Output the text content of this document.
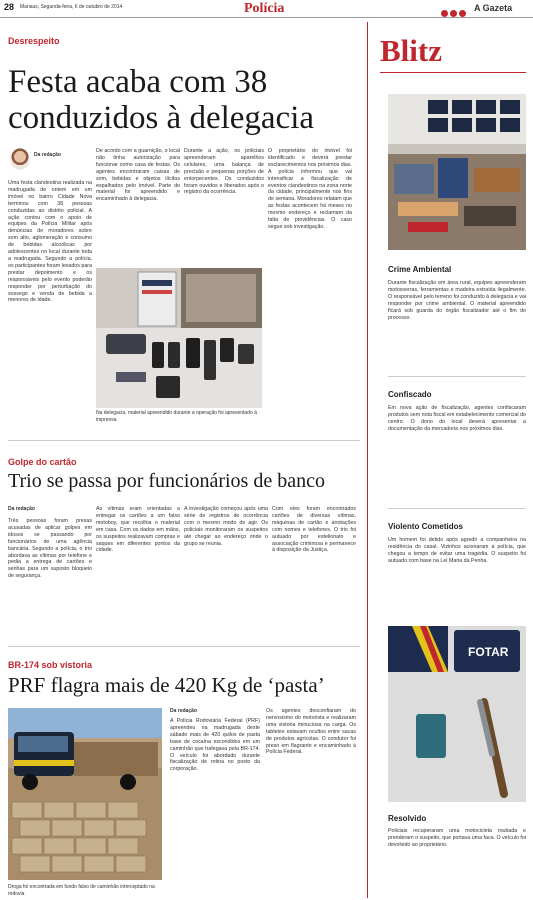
28 Manaus, Segunda-feira, 6 de outubro de 2014	Polícia	A Gazeta
Desrespeito
Festa acaba com 38 conduzidos à delegacia
Da redação
Uma festa clandestina realizada na madrugada de ontem em um imóvel no bairro Cidade Nova terminou com 38 pessoas conduzidas ao distrito policial. A ação contou com o apoio de equipes da Polícia Militar após denúncias de moradores sobre som alto, aglomeração e consumo de bebidas alcoólicas por adolescentes no local durante toda a madrugada. Segundo a polícia, os participantes foram levados para prestar depoimento e os responsáveis pelo evento poderão responder por perturbação do sossego e venda de bebida a menores de idade.
De acordo com a guarnição, o local não tinha autorização para funcionar como casa de festas. Os agentes encontraram caixas de som, bebidas e objetos ilícitos espalhados pelo imóvel. Parte do material foi apreendido e encaminhado à delegacia.
Durante a ação, os policiais apreenderam aparelhos celulares, uma balança de precisão e pequenas porções de entorpecentes. Os conduzidos foram ouvidos e liberados após o registro da ocorrência.
O proprietário do imóvel foi identificado e deverá prestar esclarecimentos nos próximos dias. A polícia informou que vai intensificar a fiscalização de eventos clandestinos na zona norte da cidade, principalmente nos fins de semana. Moradores relatam que as festas acontecem há meses no mesmo endereço e reclamam da falta de providências. O caso segue sob investigação.
Na delegacia, material apreendido durante a operação foi apresentado à imprensa
Golpe do cartão
Trio se passa por funcionários de banco
Da redação
Três pessoas foram presas acusadas de aplicar golpes em idosos se passando por funcionários de uma agência bancária. Segundo a polícia, o trio abordava as vítimas por telefone e pedia a entrega de cartões e senhas para um suposto bloqueio de segurança.
As vítimas eram orientadas a entregar os cartões a um falso motoboy, que recolhia o material em casa. Com os dados em mãos, os suspeitos realizavam compras e saques em diferentes pontos da cidade.
A investigação começou após uma série de registros de ocorrência com o mesmo modo de agir. Os policiais monitoraram os suspeitos até chegar ao endereço onde o grupo se reunia.
Com eles foram encontrados cartões de diversas vítimas, máquinas de cartão e anotações com nomes e telefones. O trio foi autuado por estelionato e associação criminosa e permanece à disposição da Justiça.
BR-174 sob vistoria
PRF flagra mais de 420 Kg de ‘pasta’
Droga foi encontrada em fundo falso de caminhão interceptado na rodovia
Da redação
A Polícia Rodoviária Federal (PRF) apreendeu na madrugada deste sábado mais de 420 quilos de pasta base de cocaína escondidos em um caminhão que trafegava pela BR-174. O veículo foi abordado durante fiscalização de rotina no posto da corporação.
Os agentes desconfiaram do nervosismo do motorista e realizaram uma vistoria minuciosa na carga. Os tabletes estavam ocultos entre sacas de produtos agrícolas. O condutor foi preso em flagrante e encaminhado à Polícia Federal.
Blitz
Crime Ambiental
Durante fiscalização em área rural, equipes apreenderam motosserras, ferramentas e madeira extraída ilegalmente. O responsável pelo terreno foi conduzido à delegacia e vai responder por crime ambiental. O material apreendido ficará sob guarda do órgão fiscalizador até o fim do processo.
Confiscado
Em nova ação de fiscalização, agentes confiscaram produtos sem nota fiscal em estabelecimento comercial do centro. O dono do local deverá apresentar a documentação da mercadoria nos próximos dias.
Violento Cometidos
Um homem foi detido após agredir a companheira na residência do casal. Vizinhos acionaram a polícia, que chegou a tempo de evitar uma tragédia. O suspeito foi autuado com base na Lei Maria da Penha.
FOTAR
Resolvido
Policiais recuperaram uma motocicleta roubada e prenderam o suspeito, que portava uma faca. O veículo foi devolvido ao proprietário.
